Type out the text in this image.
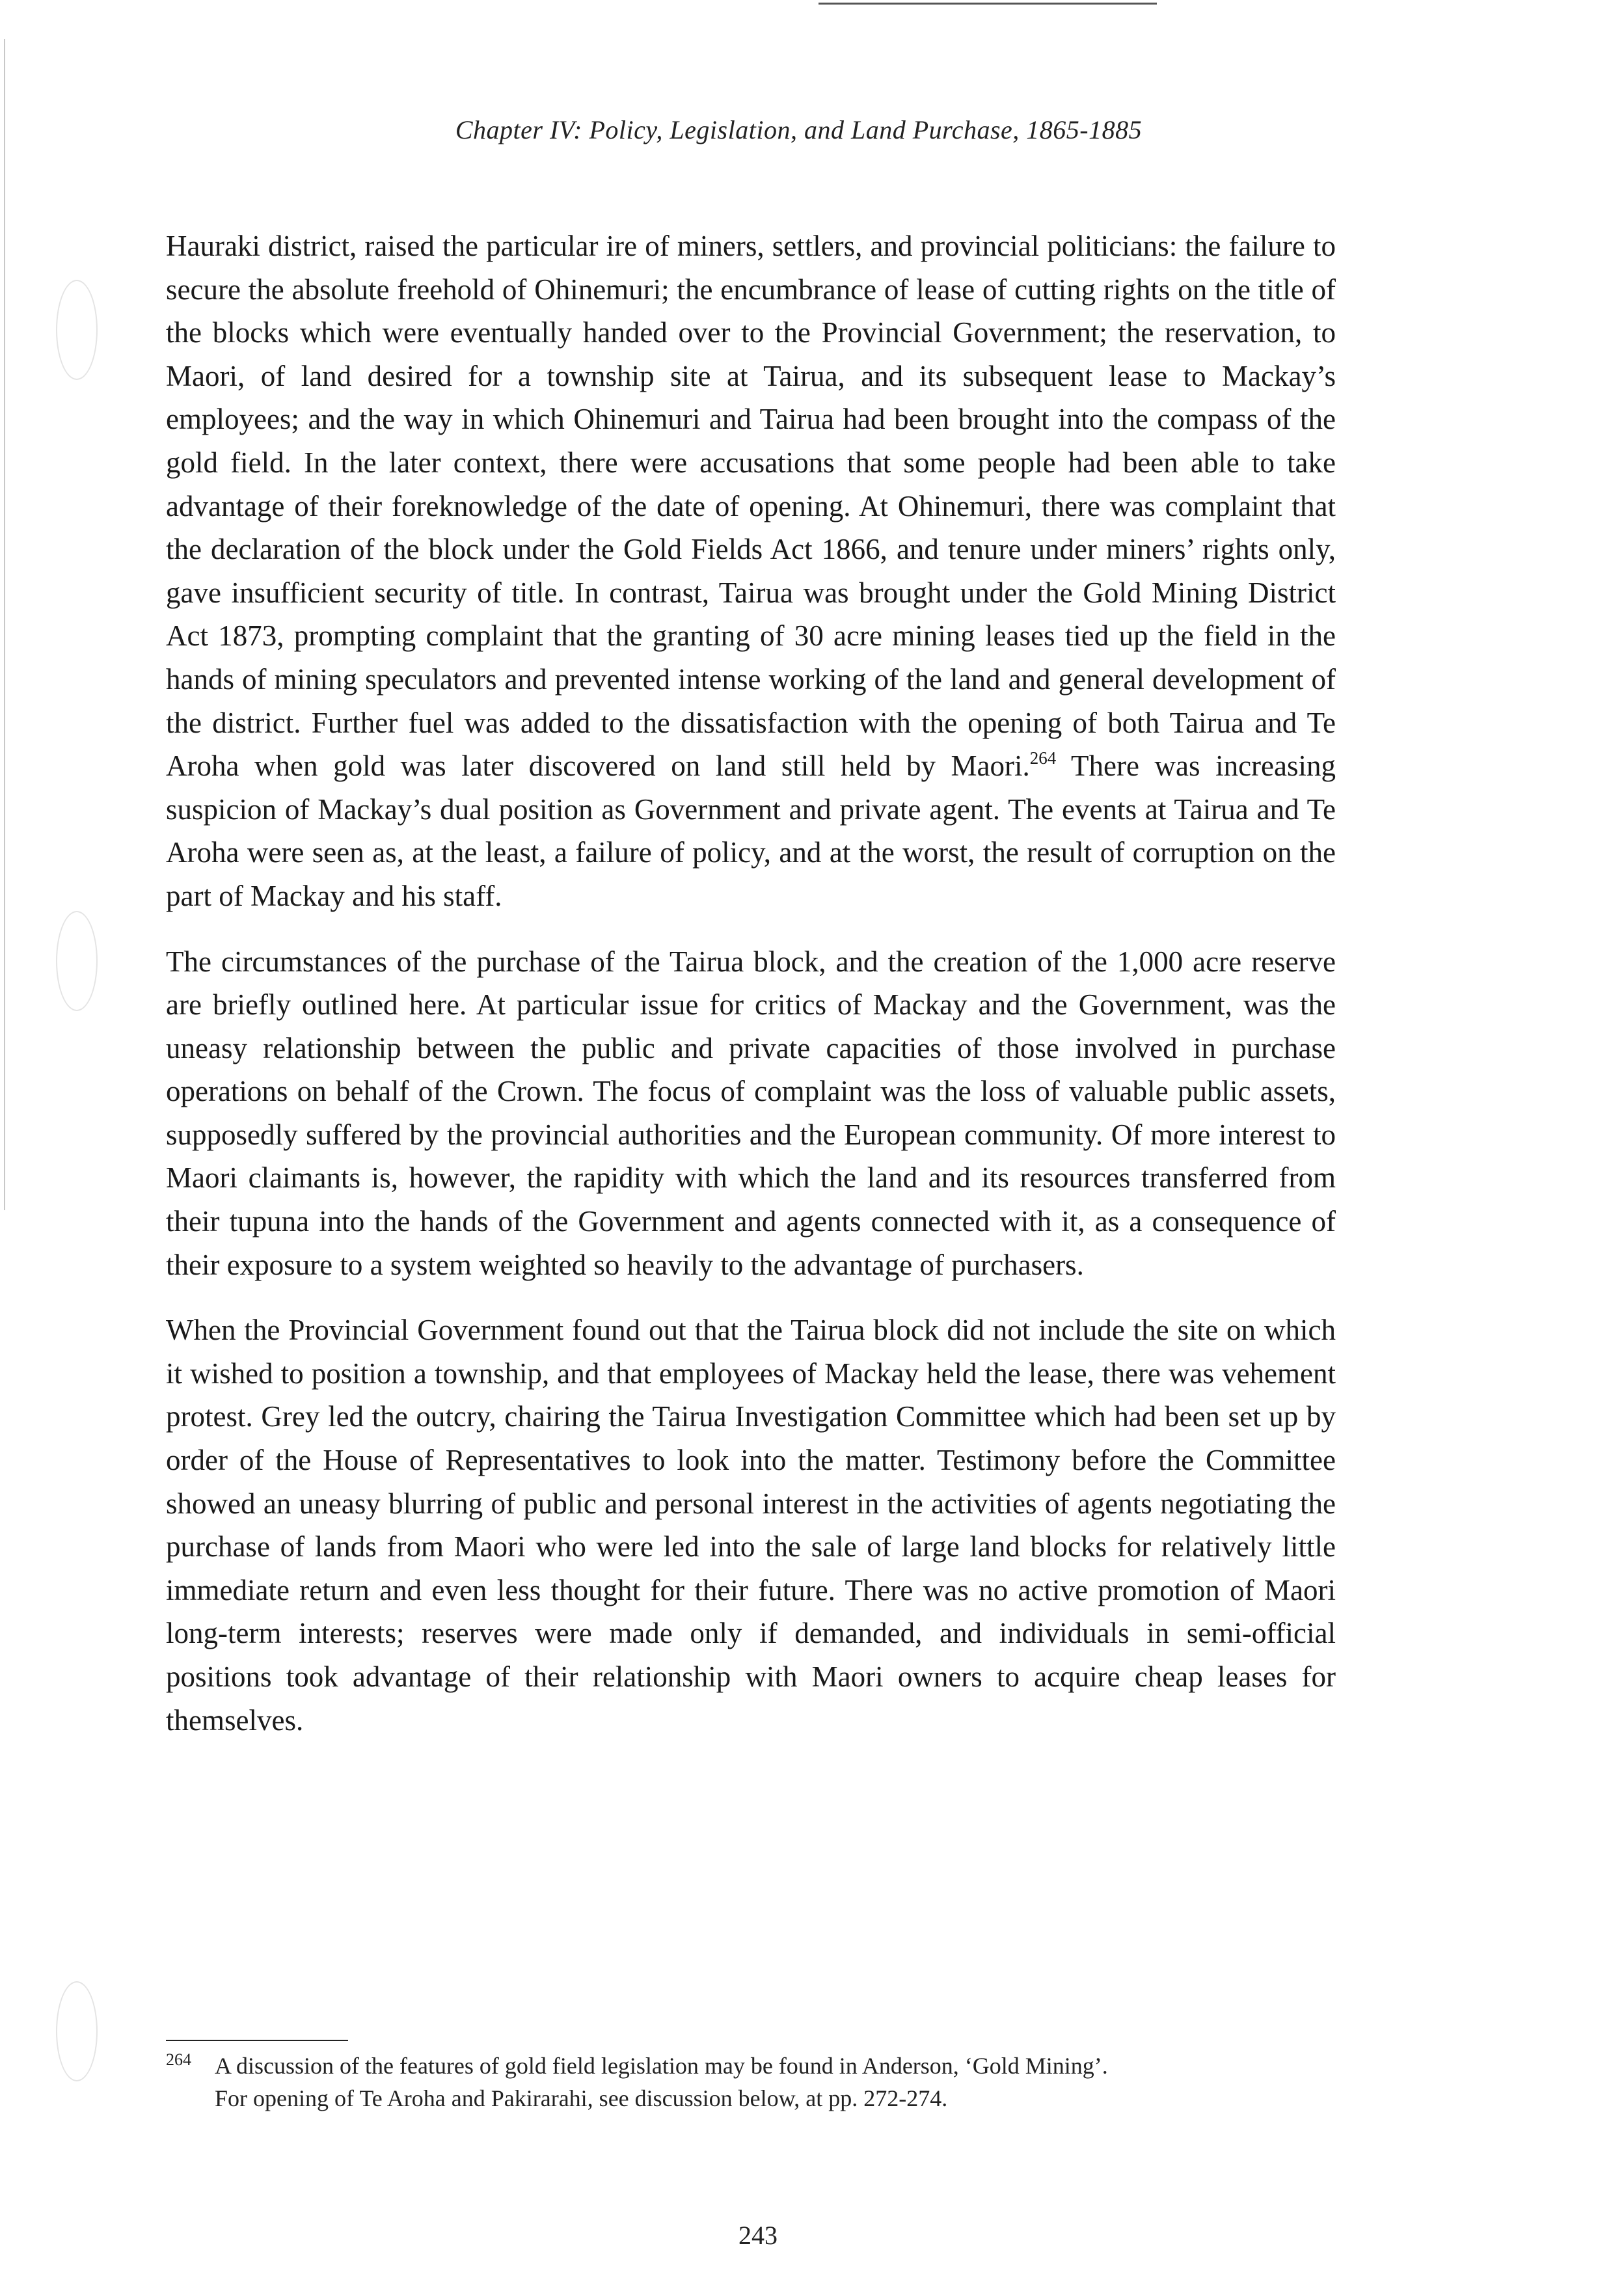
Chapter IV: Policy, Legislation, and Land Purchase, 1865-1885

Hauraki district, raised the particular ire of miners, settlers, and provincial politicians: the failure to secure the absolute freehold of Ohinemuri; the encumbrance of lease of cutting rights on the title of the blocks which were eventually handed over to the Provincial Government; the reservation, to Maori, of land desired for a township site at Tairua, and its subsequent lease to Mackay’s employees; and the way in which Ohinemuri and Tairua had been brought into the compass of the gold field. In the later context, there were accusations that some people had been able to take advantage of their foreknowledge of the date of opening. At Ohinemuri, there was complaint that the declaration of the block under the Gold Fields Act 1866, and tenure under miners’ rights only, gave insufficient security of title. In contrast, Tairua was brought under the Gold Mining District Act 1873, prompting complaint that the granting of 30 acre mining leases tied up the field in the hands of mining speculators and prevented intense working of the land and general development of the district. Further fuel was added to the dissatisfaction with the opening of both Tairua and Te Aroha when gold was later discovered on land still held by Maori.$^{264}$ There was increasing suspicion of Mackay’s dual position as Government and private agent. The events at Tairua and Te Aroha were seen as, at the least, a failure of policy, and at the worst, the result of corruption on the part of Mackay and his staff.

The circumstances of the purchase of the Tairua block, and the creation of the 1,000 acre reserve are briefly outlined here. At particular issue for critics of Mackay and the Government, was the uneasy relationship between the public and private capacities of those involved in purchase operations on behalf of the Crown. The focus of complaint was the loss of valuable public assets, supposedly suffered by the provincial authorities and the European community. Of more interest to Maori claimants is, however, the rapidity with which the land and its resources transferred from their tupuna into the hands of the Government and agents connected with it, as a consequence of their exposure to a system weighted so heavily to the advantage of purchasers.

When the Provincial Government found out that the Tairua block did not include the site on which it wished to position a township, and that employees of Mackay held the lease, there was vehement protest. Grey led the outcry, chairing the Tairua Investigation Committee which had been set up by order of the House of Representatives to look into the matter. Testimony before the Committee showed an uneasy blurring of public and personal interest in the activities of agents negotiating the purchase of lands from Maori who were led into the sale of large land blocks for relatively little immediate return and even less thought for their future. There was no active promotion of Maori long-term interests; reserves were made only if demanded, and individuals in semi-official positions took advantage of their relationship with Maori owners to acquire cheap leases for themselves.

264 A discussion of the features of gold field legislation may be found in Anderson, ‘Gold Mining’.
For opening of Te Aroha and Pakirarahi, see discussion below, at pp. 272-274.
243
